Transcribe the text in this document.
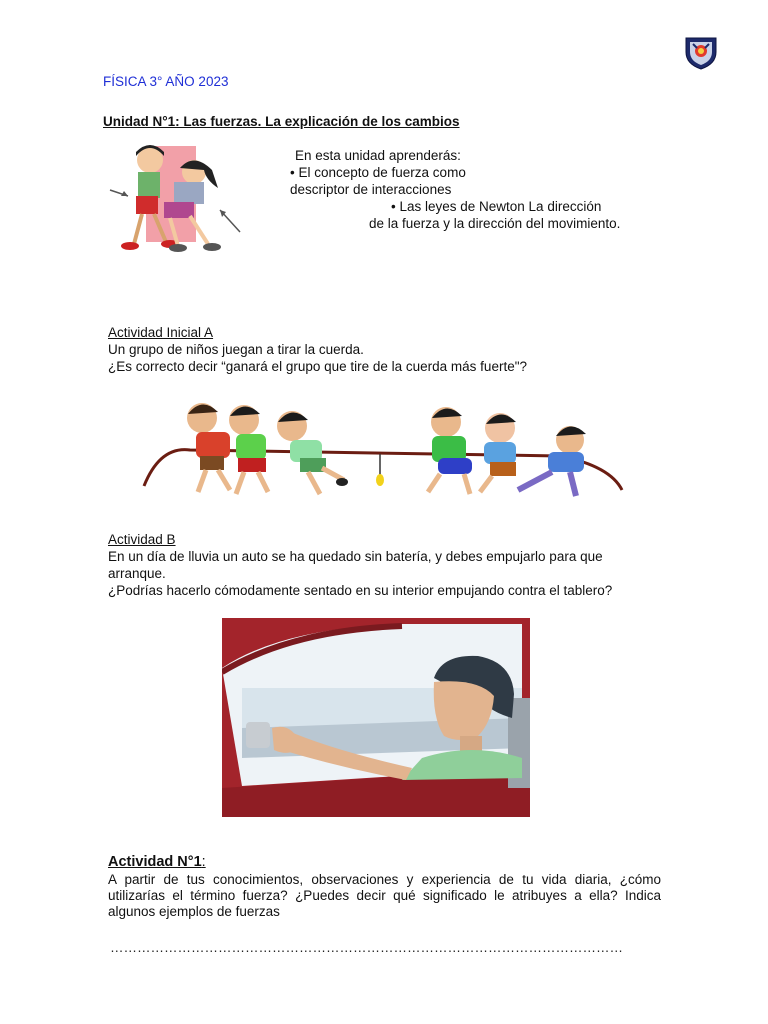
FÍSICA 3° AÑO 2023
Unidad N°1: Las fuerzas. La explicación de los cambios
En esta unidad aprenderás:
• El concepto de fuerza como
descriptor de interacciones
• Las leyes de Newton La dirección
de la fuerza y la dirección del movimiento.
Actividad Inicial A
Un grupo de niños juegan a tirar la cuerda.
¿Es correcto decir “ganará el grupo que tire de la cuerda más fuerte"?
Actividad B
En un día de lluvia un auto se ha quedado sin batería, y debes empujarlo para que
arranque.
¿Podrías hacerlo cómodamente sentado en su interior empujando contra el tablero?
Actividad N°1:
A partir de tus conocimientos, observaciones y experiencia de tu vida diaria, ¿cómo utilizarías el término fuerza? ¿Puedes decir qué significado le atribuyes a ella? Indica algunos ejemplos de fuerzas
……………………………………………………………………………………………………
